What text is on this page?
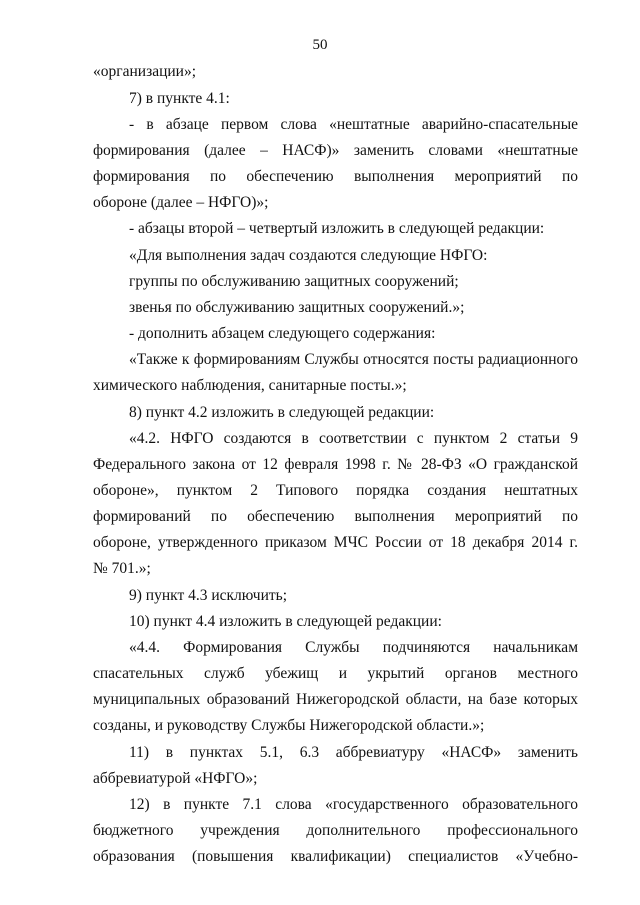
50
«организации»;
7) в пункте 4.1:
- в абзаце первом слова «нештатные аварийно-спасательные
формирования (далее – НАСФ)» заменить словами «нештатные
формирования по обеспечению выполнения мероприятий по
обороне (далее – НФГО)»;
- абзацы второй – четвертый изложить в следующей редакции:
«Для выполнения задач создаются следующие НФГО:
группы по обслуживанию защитных сооружений;
звенья по обслуживанию защитных сооружений.»;
- дополнить абзацем следующего содержания:
«Также к формированиям Службы относятся посты радиационного
химического наблюдения, санитарные посты.»;
8) пункт 4.2 изложить в следующей редакции:
«4.2. НФГО создаются в соответствии с пунктом 2 статьи 9
Федерального закона от 12 февраля 1998 г. № 28-ФЗ «О гражданской
обороне», пунктом 2 Типового порядка создания нештатных
формирований по обеспечению выполнения мероприятий по
обороне, утвержденного приказом МЧС России от 18 декабря 2014 г.
№ 701.»;
9) пункт 4.3 исключить;
10) пункт 4.4 изложить в следующей редакции:
«4.4. Формирования Службы подчиняются начальникам
спасательных служб убежищ и укрытий органов местного
муниципальных образований Нижегородской области, на базе которых
созданы, и руководству Службы Нижегородской области.»;
11) в пунктах 5.1, 6.3 аббревиатуру «НАСФ» заменить
аббревиатурой «НФГО»;
12) в пункте 7.1 слова «государственного образовательного
бюджетного учреждения дополнительного профессионального
образования (повышения квалификации) специалистов «Учебно-
